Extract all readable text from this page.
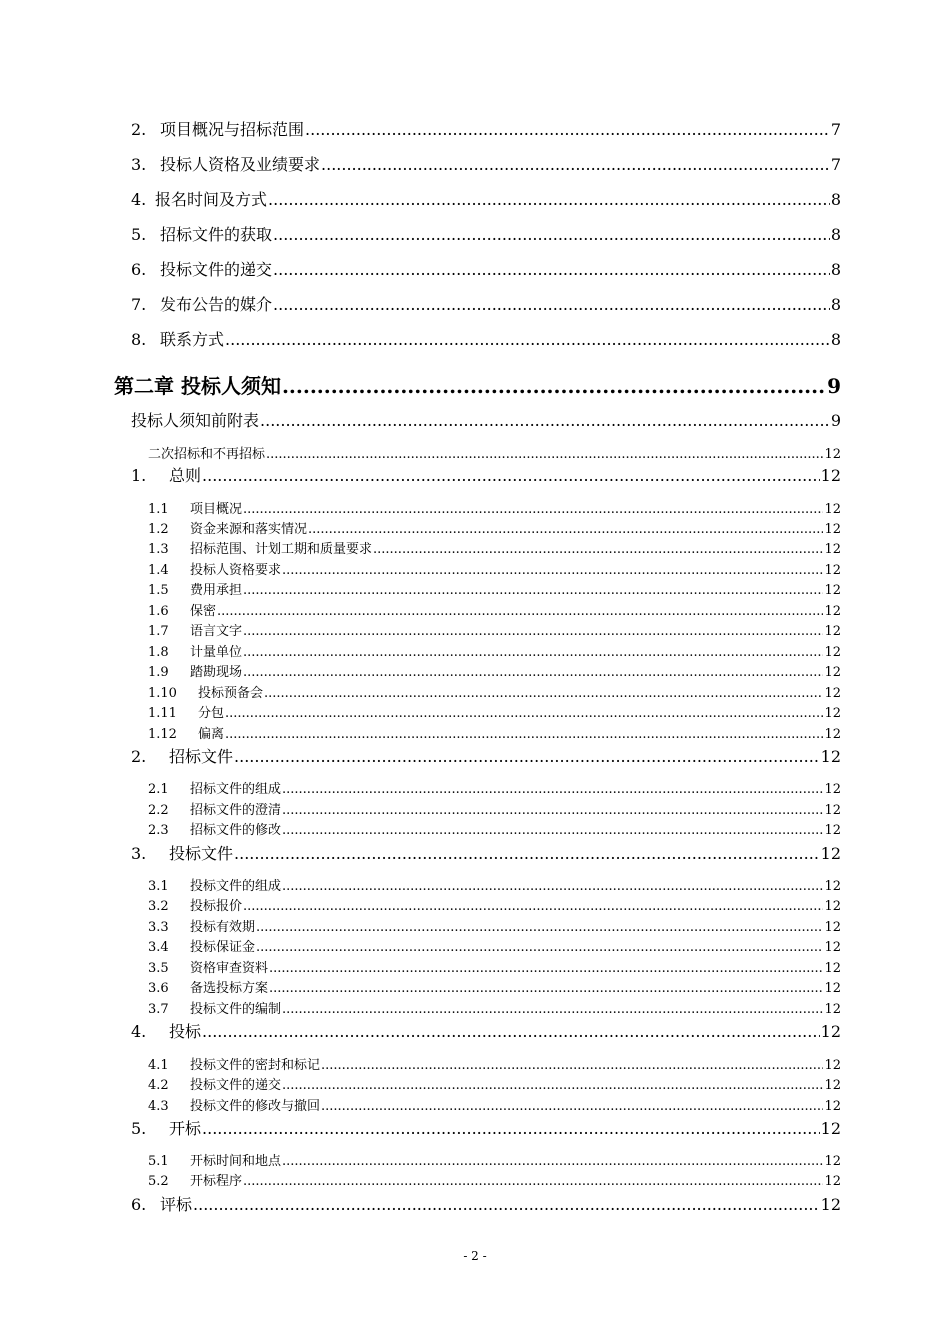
2. 项目概况与招标范围 .....	7
3. 投标人资格及业绩要求 .....	7
4. 报名时间及方式 .....	8
5. 招标文件的获取 .....	8
6. 投标文件的递交 .....	8
7. 发布公告的媒介 .....	8
8. 联系方式 .....	8
第二章 投标人须知 .....	9
投标人须知前附表 .....	9
二次招标和不再招标 .....	12
1.	总则 .....	12
1.1	项目概况 .....	12
1.2	资金来源和落实情况 .....	12
1.3	招标范围、计划工期和质量要求 .....	12
1.4	投标人资格要求 .....	12
1.5	费用承担 .....	12
1.6	保密 .....	12
1.7	语言文字 .....	12
1.8	计量单位 .....	12
1.9	踏勘现场 .....	12
1.10	投标预备会 .....	12
1.11	分包 .....	12
1.12	偏离 .....	12
2.	招标文件 .....	12
2.1	招标文件的组成 .....	12
2.2	招标文件的澄清 .....	12
2.3	招标文件的修改 .....	12
3.	投标文件 .....	12
3.1	投标文件的组成 .....	12
3.2	投标报价 .....	12
3.3	投标有效期 .....	12
3.4	投标保证金 .....	12
3.5	资格审查资料 .....	12
3.6	备选投标方案 .....	12
3.7	投标文件的编制 .....	12
4.	投标 .....	12
4.1	投标文件的密封和标记 .....	12
4.2	投标文件的递交 .....	12
4.3	投标文件的修改与撤回 .....	12
5.	开标 .....	12
5.1	开标时间和地点 .....	12
5.2	开标程序 .....	12
6. 评标 .....	12
- 2 -
